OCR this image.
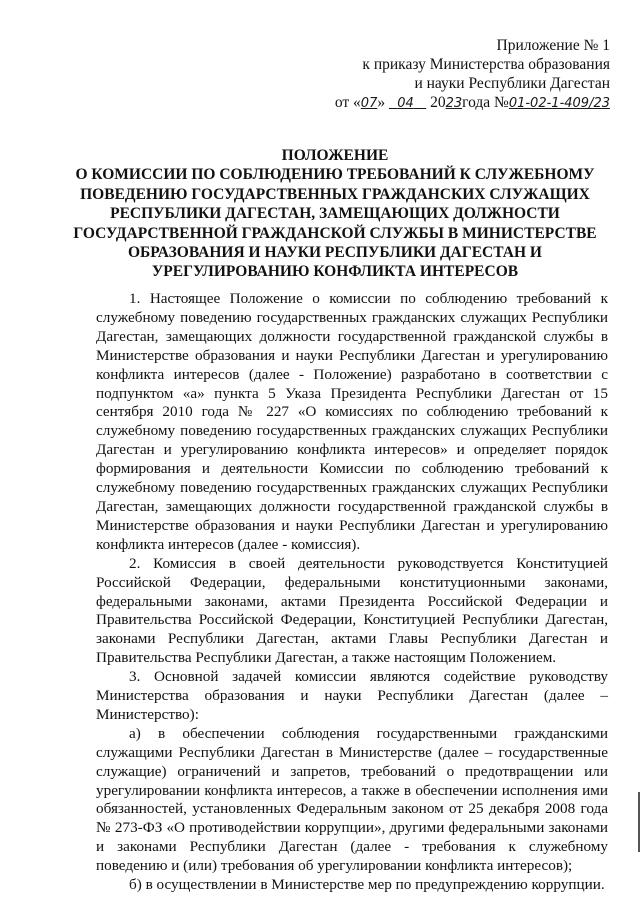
Приложение № 1
к приказу Министерства образования
и науки Республики Дагестан
от «07» 04 2023года №01-02-1-409/23
ПОЛОЖЕНИЕ
О КОМИССИИ ПО СОБЛЮДЕНИЮ ТРЕБОВАНИЙ К СЛУЖЕБНОМУ
ПОВЕДЕНИЮ ГОСУДАРСТВЕННЫХ ГРАЖДАНСКИХ СЛУЖАЩИХ
РЕСПУБЛИКИ ДАГЕСТАН, ЗАМЕЩАЮЩИХ ДОЛЖНОСТИ
ГОСУДАРСТВЕННОЙ ГРАЖДАНСКОЙ СЛУЖБЫ В МИНИСТЕРСТВЕ
ОБРАЗОВАНИЯ И НАУКИ РЕСПУБЛИКИ ДАГЕСТАН И
УРЕГУЛИРОВАНИЮ КОНФЛИКТА ИНТЕРЕСОВ

1. Настоящее Положение о комиссии по соблюдению требований к служебному поведению государственных гражданских служащих Республики Дагестан, замещающих должности государственной гражданской службы в Министерстве образования и науки Республики Дагестан и урегулированию конфликта интересов (далее - Положение) разработано в соответствии с подпунктом «а» пункта 5 Указа Президента Республики Дагестан от 15 сентября 2010 года № 227 «О комиссиях по соблюдению требований к служебному поведению государственных гражданских служащих Республики Дагестан и урегулированию конфликта интересов» и определяет порядок формирования и деятельности Комиссии по соблюдению требований к служебному поведению государственных гражданских служащих Республики Дагестан, замещающих должности государственной гражданской службы в Министерстве образования и науки Республики Дагестан и урегулированию конфликта интересов (далее - комиссия).

2. Комиссия в своей деятельности руководствуется Конституцией Российской Федерации, федеральными конституционными законами, федеральными законами, актами Президента Российской Федерации и Правительства Российской Федерации, Конституцией Республики Дагестан, законами Республики Дагестан, актами Главы Республики Дагестан и Правительства Республики Дагестан, а также настоящим Положением.

3. Основной задачей комиссии являются содействие руководству Министерства образования и науки Республики Дагестан (далее – Министерство):

а) в обеспечении соблюдения государственными гражданскими служащими Республики Дагестан в Министерстве (далее – государственные служащие) ограничений и запретов, требований о предотвращении или урегулировании конфликта интересов, а также в обеспечении исполнения ими обязанностей, установленных Федеральным законом от 25 декабря 2008 года № 273-ФЗ «О противодействии коррупции», другими федеральными законами и законами Республики Дагестан (далее - требования к служебному поведению и (или) требования об урегулировании конфликта интересов);

б) в осуществлении в Министерстве мер по предупреждению коррупции.
